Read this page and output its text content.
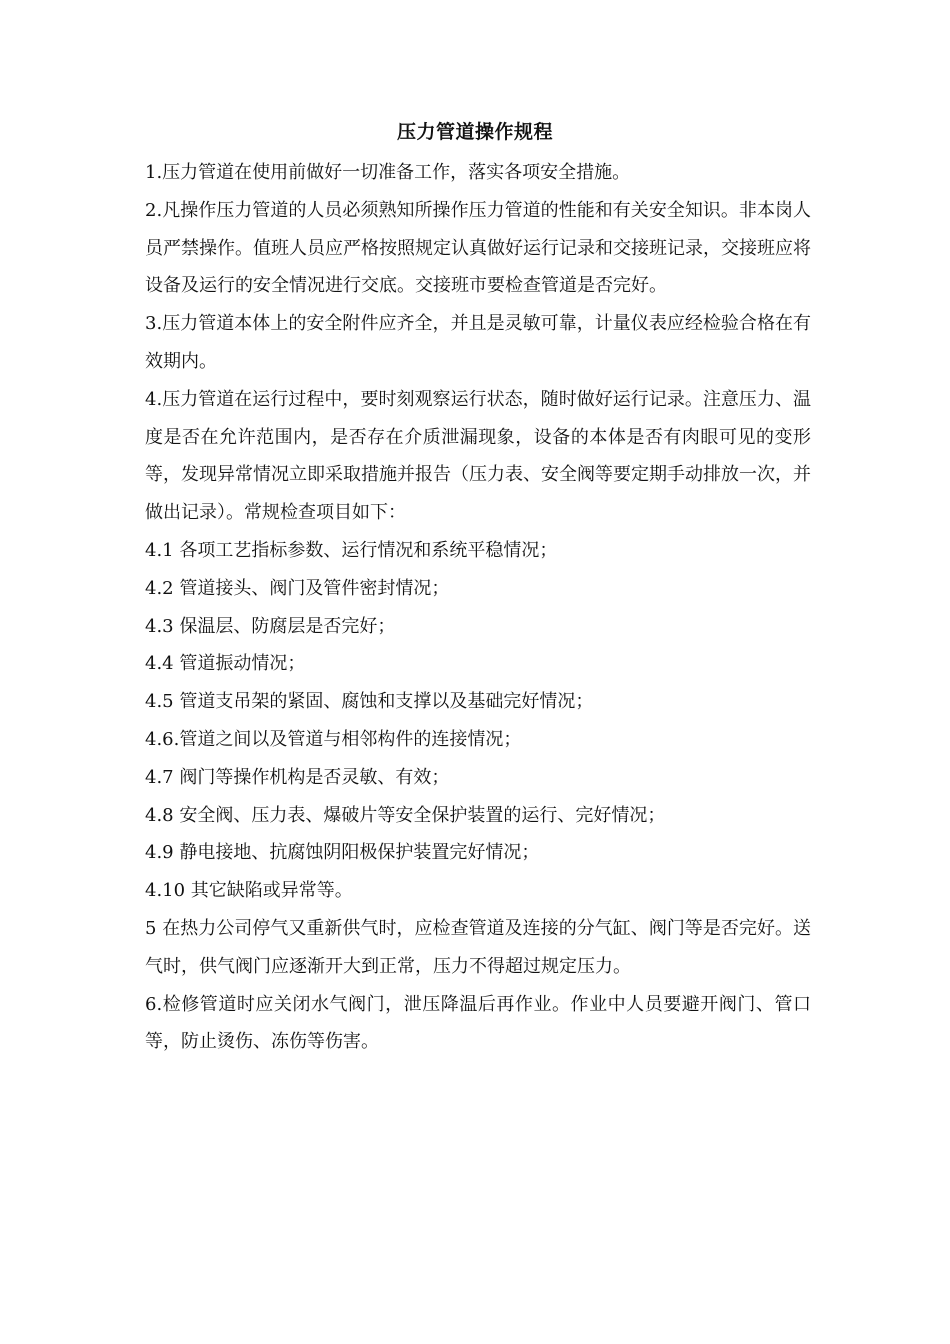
压力管道操作规程

1.压力管道在使用前做好一切准备工作，落实各项安全措施。

2.凡操作压力管道的人员必须熟知所操作压力管道的性能和有关安全知识。非本岗人员严禁操作。值班人员应严格按照规定认真做好运行记录和交接班记录，交接班应将设备及运行的安全情况进行交底。交接班市要检查管道是否完好。

3.压力管道本体上的安全附件应齐全，并且是灵敏可靠，计量仪表应经检验合格在有效期内。

4.压力管道在运行过程中，要时刻观察运行状态，随时做好运行记录。注意压力、温度是否在允许范围内，是否存在介质泄漏现象，设备的本体是否有肉眼可见的变形等，发现异常情况立即采取措施并报告（压力表、安全阀等要定期手动排放一次，并做出记录）。常规检查项目如下：

4.1 各项工艺指标参数、运行情况和系统平稳情况；

4.2 管道接头、阀门及管件密封情况；

4.3 保温层、防腐层是否完好；

4.4 管道振动情况；

4.5 管道支吊架的紧固、腐蚀和支撑以及基础完好情况；

4.6.管道之间以及管道与相邻构件的连接情况；

4.7 阀门等操作机构是否灵敏、有效；

4.8 安全阀、压力表、爆破片等安全保护装置的运行、完好情况；

4.9 静电接地、抗腐蚀阴阳极保护装置完好情况；

4.10 其它缺陷或异常等。

5 在热力公司停气又重新供气时，应检查管道及连接的分气缸、阀门等是否完好。送气时，供气阀门应逐渐开大到正常，压力不得超过规定压力。

6.检修管道时应关闭水气阀门，泄压降温后再作业。作业中人员要避开阀门、管口等，防止烫伤、冻伤等伤害。
